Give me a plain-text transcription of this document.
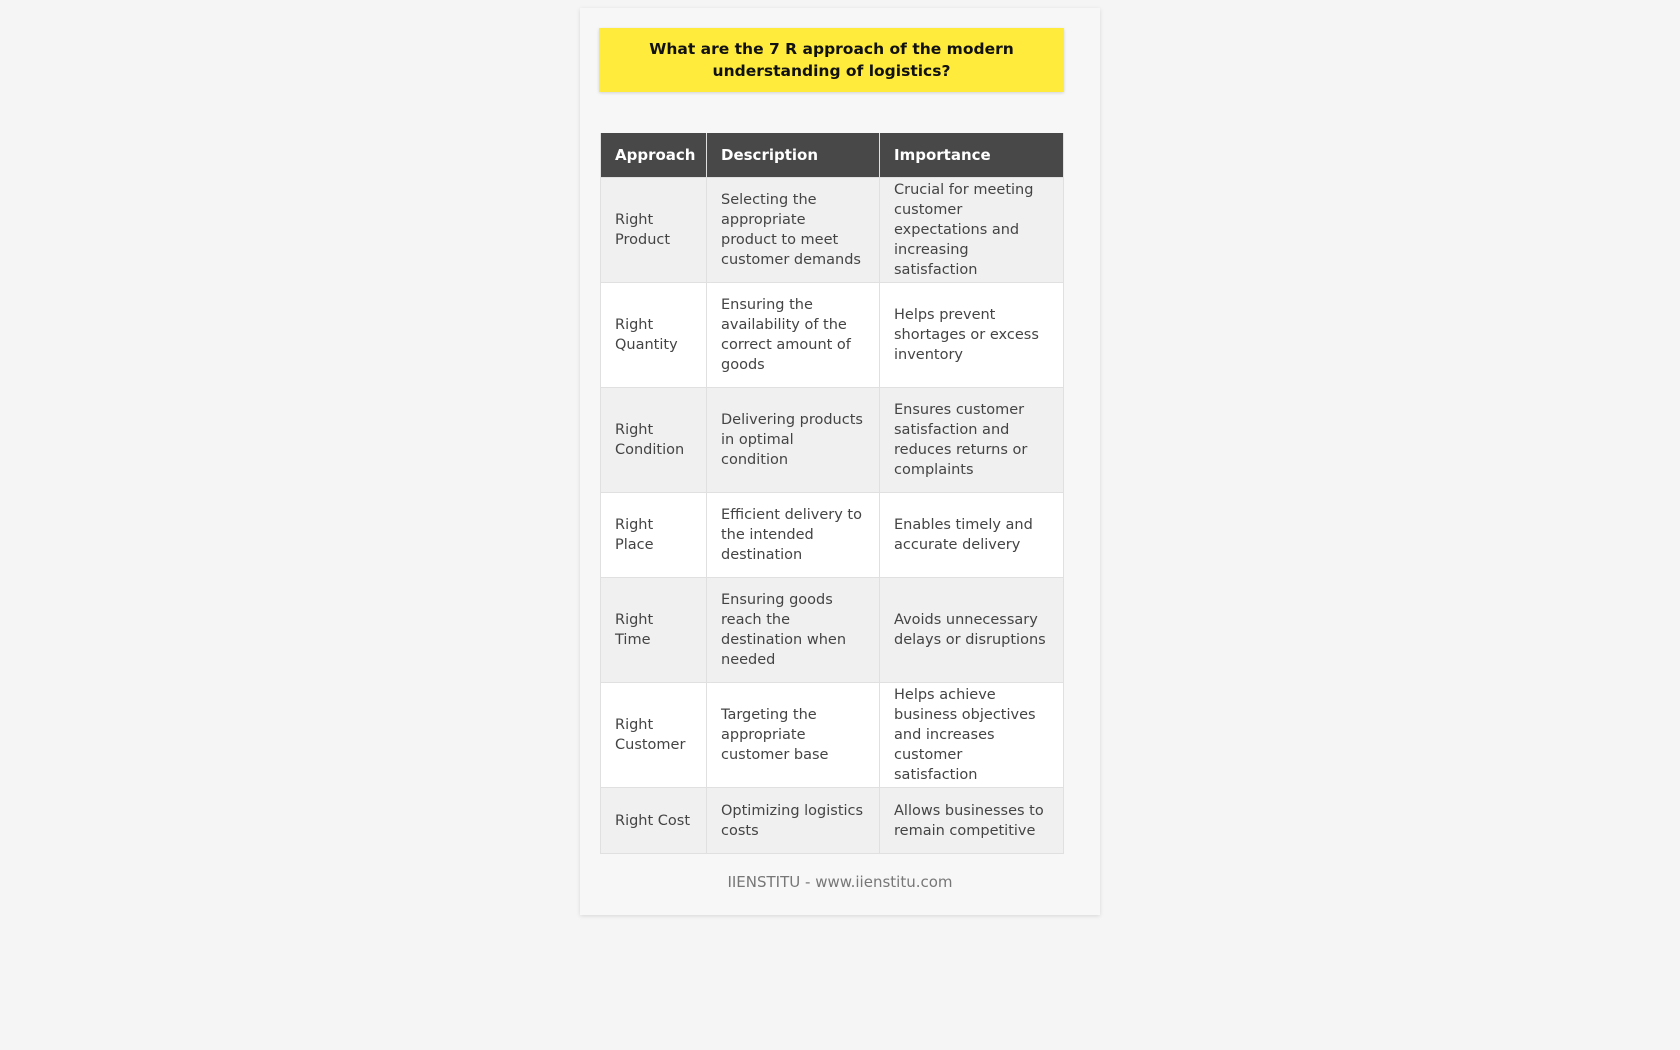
What are the 7 R approach of the modern understanding of logistics?
Approach	Description	Importance
Right Product	Selecting the appropriate product to meet customer demands	Crucial for meeting customer expectations and increasing satisfaction
Right Quantity	Ensuring the availability of the correct amount of goods	Helps prevent shortages or excess inventory
Right Condition	Delivering products in optimal condition	Ensures customer satisfaction and reduces returns or complaints
Right Place	Efficient delivery to the intended destination	Enables timely and accurate delivery
Right Time	Ensuring goods reach the destination when needed	Avoids unnecessary delays or disruptions
Right Customer	Targeting the appropriate customer base	Helps achieve business objectives and increases customer satisfaction
Right Cost	Optimizing logistics costs	Allows businesses to remain competitive
IIENSTITU - www.iienstitu.com
